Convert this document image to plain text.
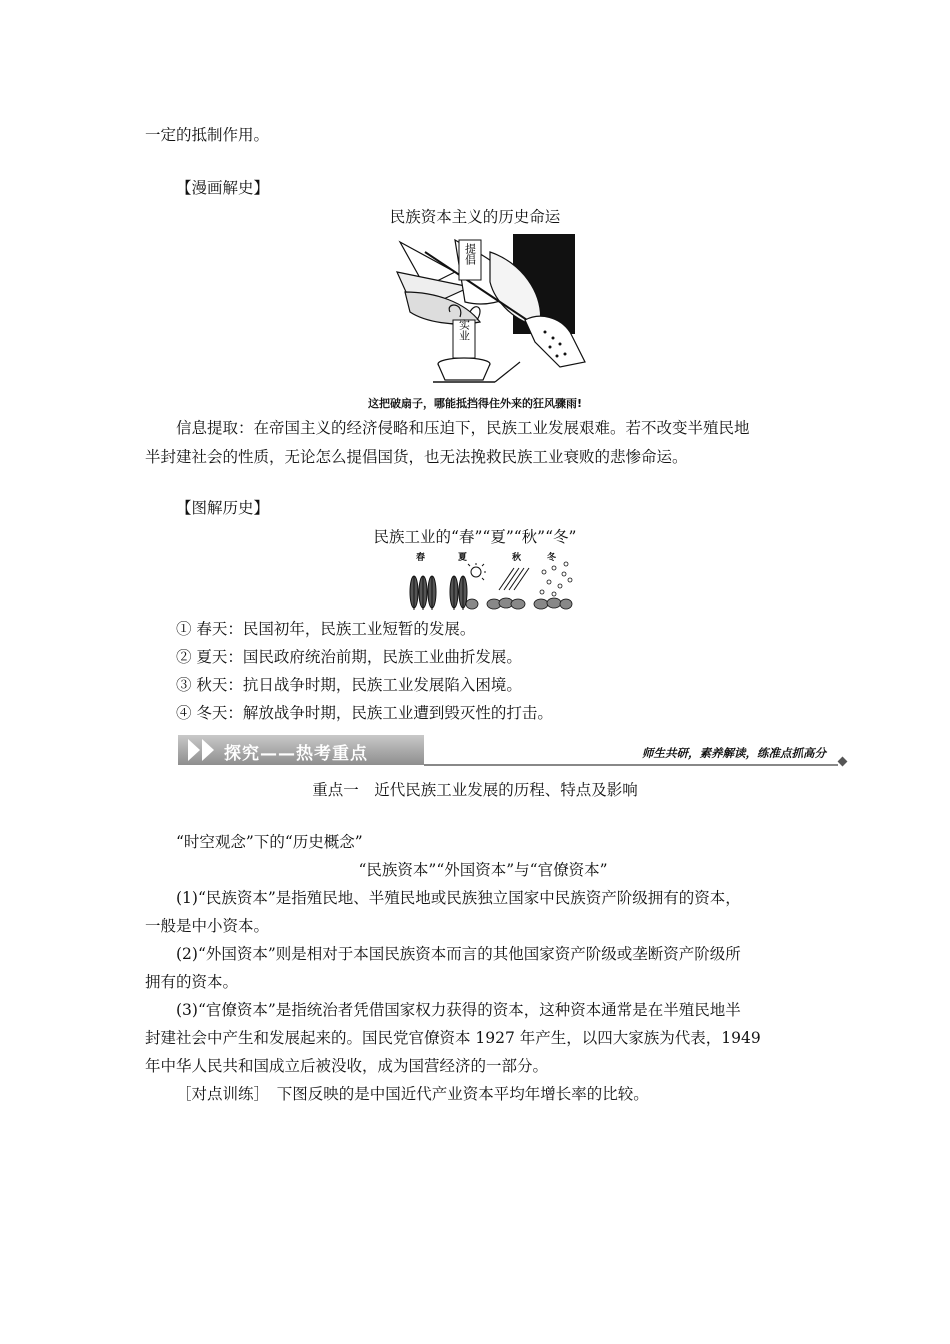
一定的抵制作用。
【漫画解史】
民族资本主义的历史命运
提倡
实业
这把破扇子，哪能抵挡得住外来的狂风骤雨!
信息提取：在帝国主义的经济侵略和压迫下，民族工业发展艰难。若不改变半殖民地
半封建社会的性质，无论怎么提倡国货，也无法挽救民族工业衰败的悲惨命运。
【图解历史】
民族工业的“春”“夏”“秋”“冬”
春	夏	秋	冬
① 春天：民国初年，民族工业短暂的发展。
② 夏天：国民政府统治前期，民族工业曲折发展。
③ 秋天：抗日战争时期，民族工业发展陷入困境。
④ 冬天：解放战争时期，民族工业遭到毁灭性的打击。
探究——热考重点	师生共研，素养解读，练准点抓高分
重点一　近代民族工业发展的历程、特点及影响
“时空观念”下的“历史概念”
“民族资本”“外国资本”与“官僚资本”
(1)“民族资本”是指殖民地、半殖民地或民族独立国家中民族资产阶级拥有的资本，
一般是中小资本。
(2)“外国资本”则是相对于本国民族资本而言的其他国家资产阶级或垄断资产阶级所
拥有的资本。
(3)“官僚资本”是指统治者凭借国家权力获得的资本，这种资本通常是在半殖民地半
封建社会中产生和发展起来的。国民党官僚资本 1927 年产生，以四大家族为代表，1949
年中华人民共和国成立后被没收，成为国营经济的一部分。
［对点训练］　下图反映的是中国近代产业资本平均年增长率的比较。
